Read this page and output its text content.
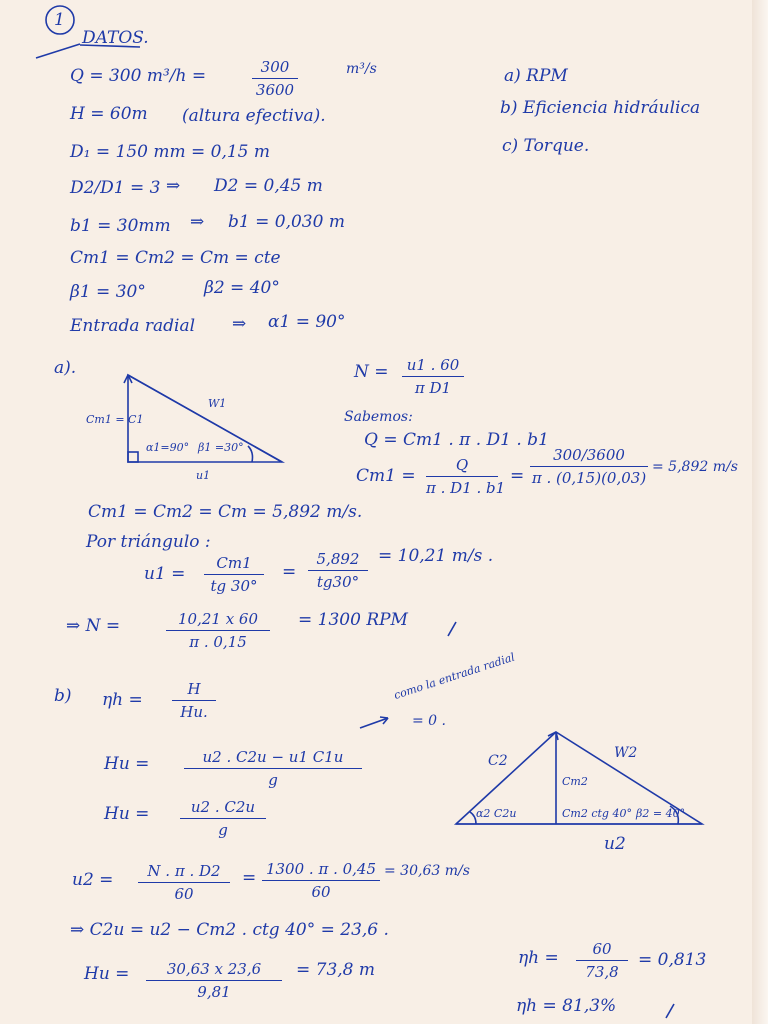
1
DATOS.
Q = 300 m³/h =	300
3600
m³/s
H = 60m (altura efectiva).
D₁ = 150 mm = 0,15 m
D2/D1 = 3 ⇒ D2 = 0,45 m
b1 = 30mm ⇒ b1 = 0,030 m
Cm1 = Cm2 = Cm = cte
β1 = 30°	β2 = 40°
Entrada radial ⇒ α1 = 90°
a) RPM
b) Eficiencia hidráulica
c) Torque.
a).
W1
Cm1 = C1
α1=90° β1 =30°
u1
N =	u1 . 60
π D1
Sabemos:
Q = Cm1 . π . D1 . b1
Cm1 =
Q
π . D1 . b1
=
300/3600
π . (0,15)(0,03)
= 5,892 m/s
Cm1 = Cm2 = Cm = 5,892 m/s.
Por triángulo :
u1 =
Cm1
tg 30°
=
5,892
tg30°
= 10,21 m/s .
⇒ N =	10,21 x 60
π . 0,15
= 1300 RPM
b) ηh =
H
Hu.
como la entrada radial
= 0 .
Hu =	u2 . C2u − u1 C1u
g
Hu =	u2 . C2u
g
C2	W2
Cm2
α2 C2u	Cm2 ctg 40° β2 = 40°
u2
u2 =	N . π . D2
60
= 1300 . π . 0,45
60
= 30,63 m/s
⇒ C2u = u2 − Cm2 . ctg 40° = 23,6 .
Hu =	30,63 x 23,6
9,81
= 73,8 m
ηh =	60
73,8
= 0,813
ηh = 81,3%
